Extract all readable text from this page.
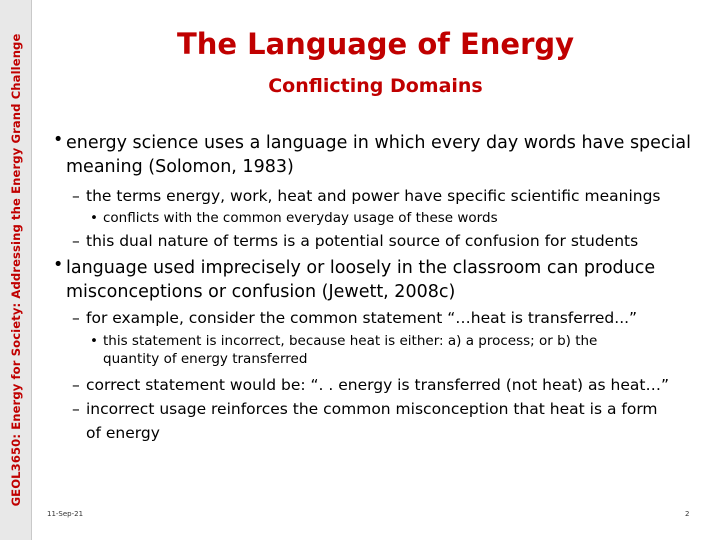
GEOL3650: Energy for Society: Addressing the Energy Grand Challenge	The Language of Energy
Conflicting Domains
• energy science uses a language in which every day words have special
meaning (Solomon, 1983)
– the terms energy, work, heat and power have specific scientific meanings
• conflicts with the common everyday usage of these words
– this dual nature of terms is a potential source of confusion for students
• language used imprecisely or loosely in the classroom can produce
misconceptions or confusion (Jewett, 2008c)
– for example, consider the common statement “…heat is transferred...”
• this statement is incorrect, because heat is either: a) a process; or b) the
quantity of energy transferred
– correct statement would be: “. . energy is transferred (not heat) as heat…”
– incorrect usage reinforces the common misconception that heat is a form
of energy
11-Sep-21	2
